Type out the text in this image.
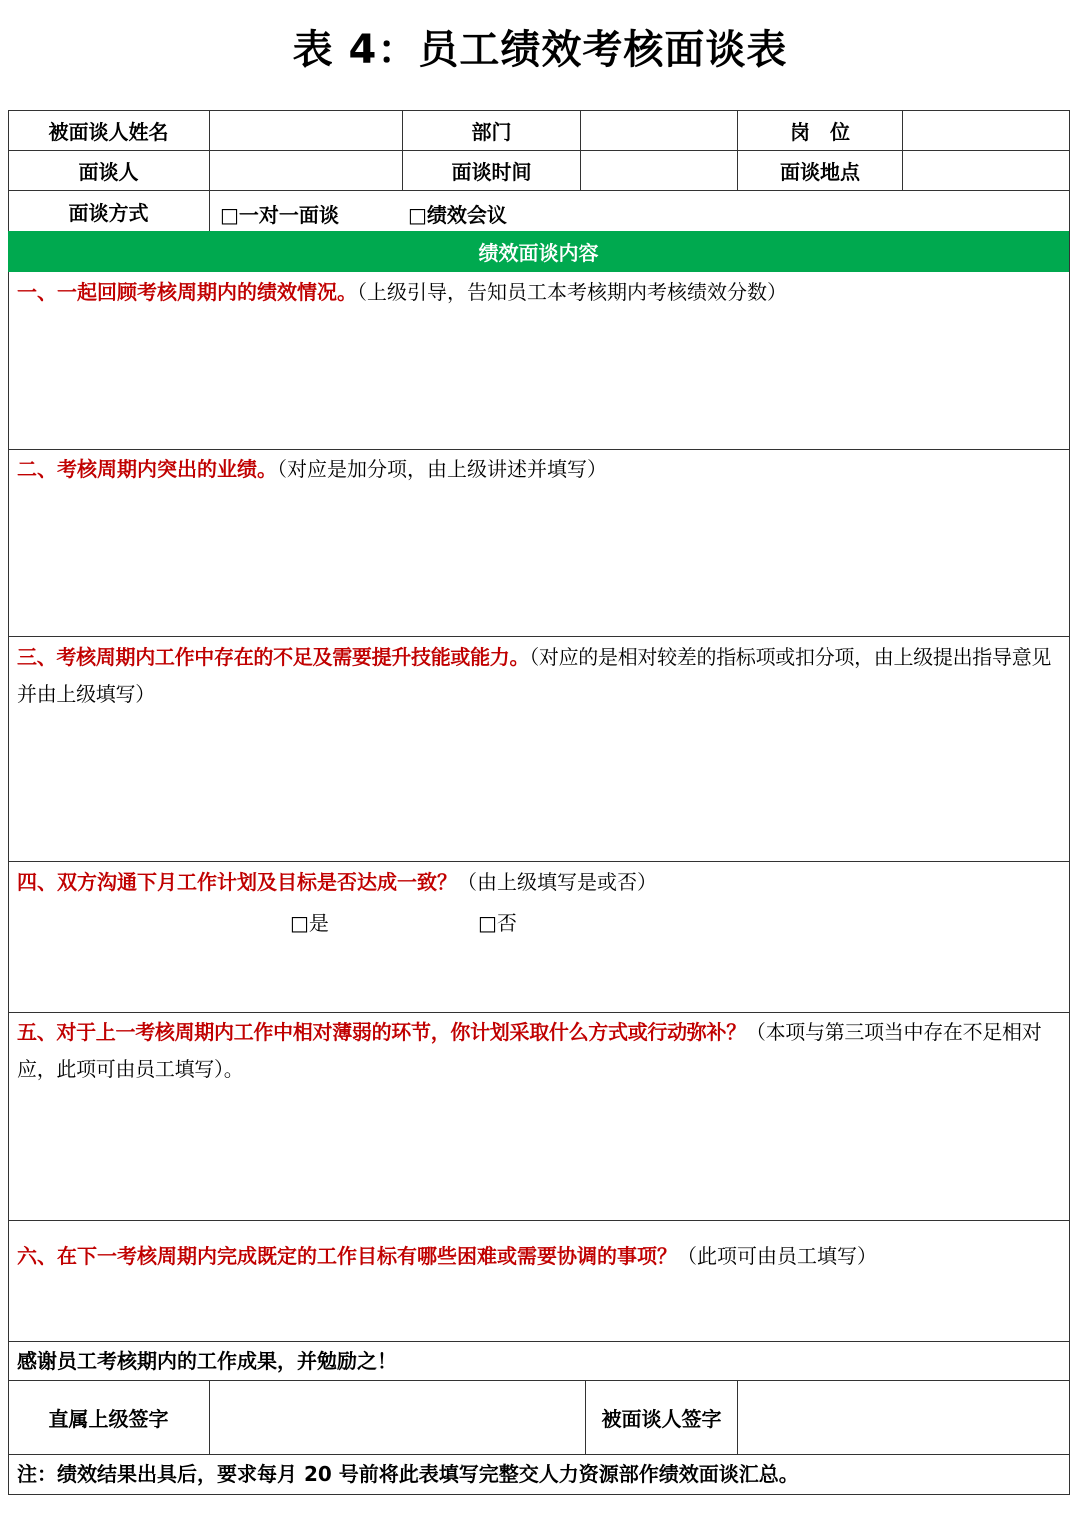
表 4：员工绩效考核面谈表
被面谈人姓名	部门	岗　位
面谈人	面谈时间	面谈地点
面谈方式	□一对一面谈	□绩效会议
绩效面谈内容
一、一起回顾考核周期内的绩效情况。（上级引导，告知员工本考核期内考核绩效分数）
二、考核周期内突出的业绩。（对应是加分项，由上级讲述并填写）
三、考核周期内工作中存在的不足及需要提升技能或能力。（对应的是相对较差的指标项或扣分项，由上级提出指导意见并由上级填写）
四、双方沟通下月工作计划及目标是否达成一致？（由上级填写是或否）
□是	□否
五、对于上一考核周期内工作中相对薄弱的环节，你计划采取什么方式或行动弥补？（本项与第三项当中存在不足相对应，此项可由员工填写）。
六、在下一考核周期内完成既定的工作目标有哪些困难或需要协调的事项？（此项可由员工填写）
感谢员工考核期内的工作成果，并勉励之！
直属上级签字	被面谈人签字
注：绩效结果出具后，要求每月 20 号前将此表填写完整交人力资源部作绩效面谈汇总。
